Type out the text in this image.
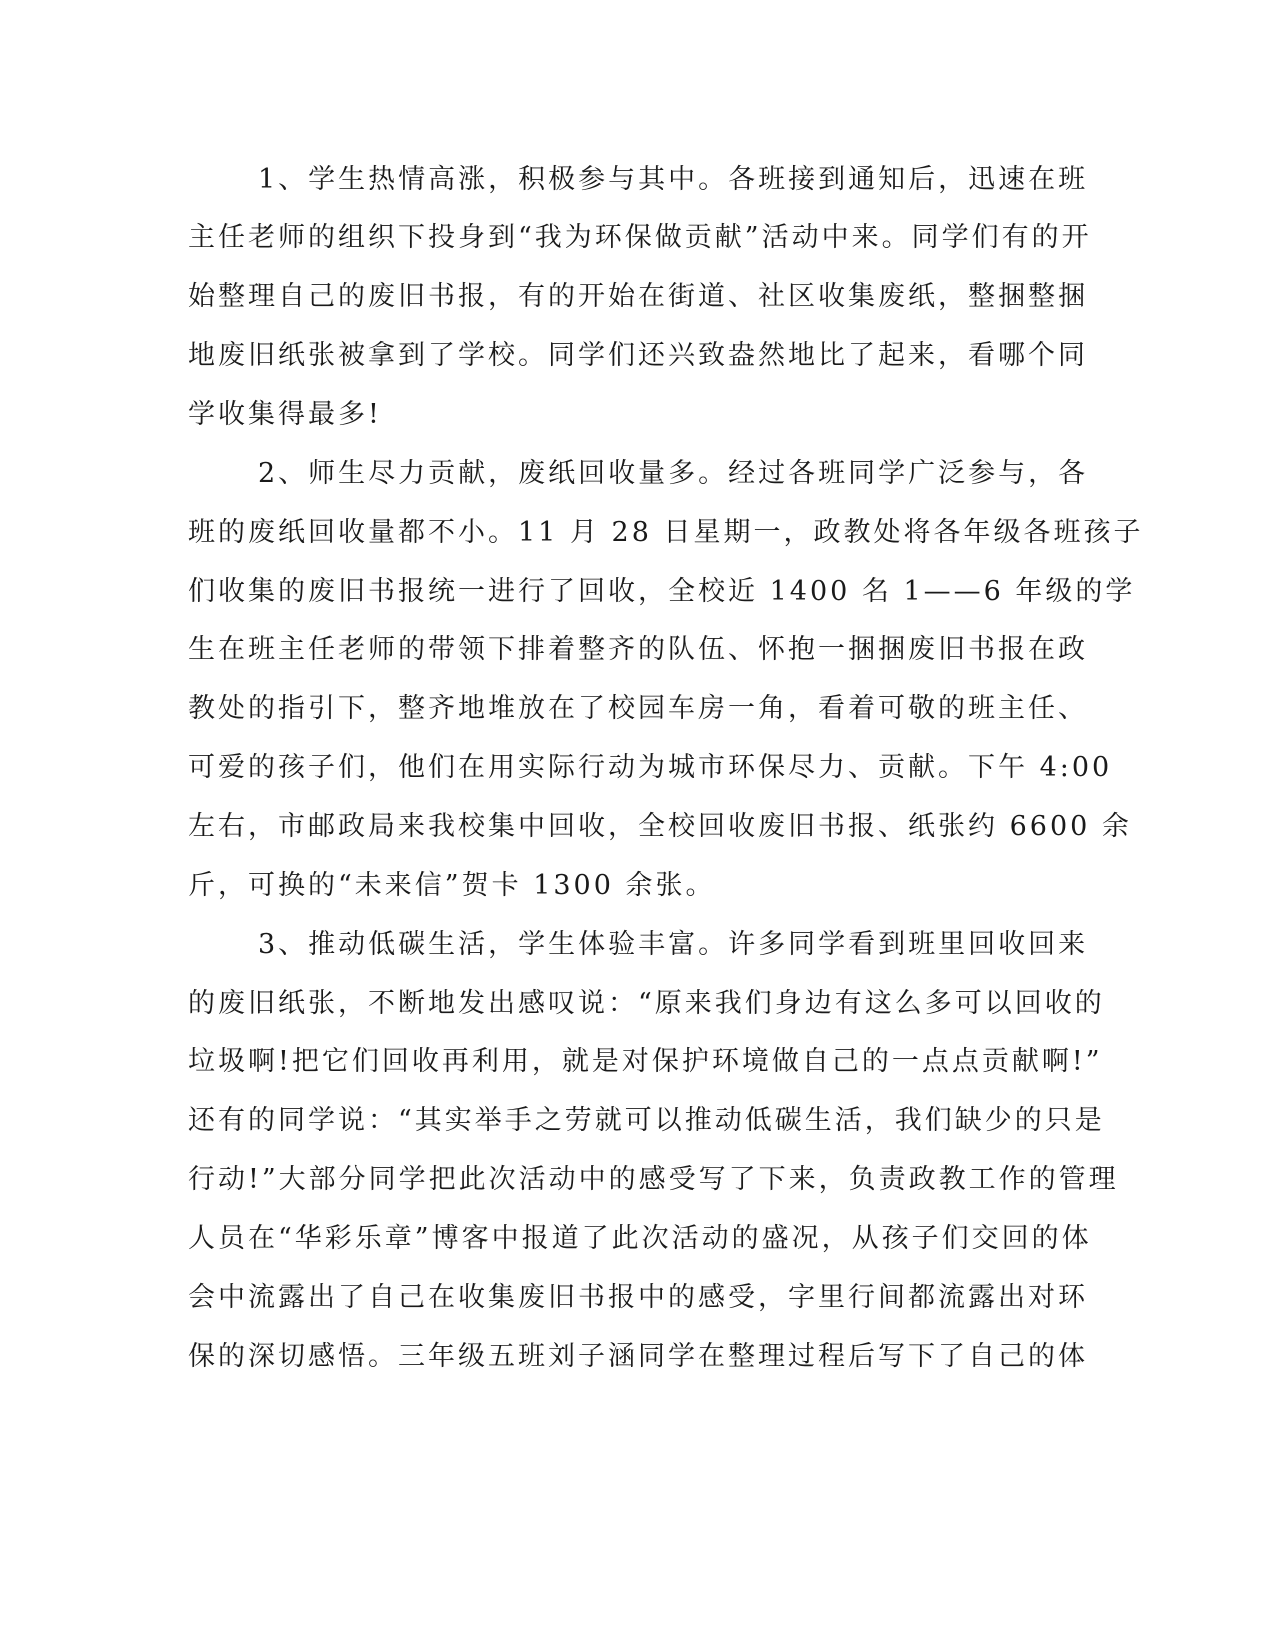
1、学生热情高涨，积极参与其中。各班接到通知后，迅速在班
主任老师的组织下投身到“我为环保做贡献”活动中来。同学们有的开
始整理自己的废旧书报，有的开始在街道、社区收集废纸，整捆整捆
地废旧纸张被拿到了学校。同学们还兴致盎然地比了起来，看哪个同
学收集得最多!
2、师生尽力贡献，废纸回收量多。经过各班同学广泛参与，各
班的废纸回收量都不小。11 月 28 日星期一，政教处将各年级各班孩子
们收集的废旧书报统一进行了回收，全校近 1400 名 1——6 年级的学
生在班主任老师的带领下排着整齐的队伍、怀抱一捆捆废旧书报在政
教处的指引下，整齐地堆放在了校园车房一角，看着可敬的班主任、
可爱的孩子们，他们在用实际行动为城市环保尽力、贡献。下午 4:00
左右，市邮政局来我校集中回收，全校回收废旧书报、纸张约 6600 余
斤，可换的“未来信”贺卡 1300 余张。
3、推动低碳生活，学生体验丰富。许多同学看到班里回收回来
的废旧纸张，不断地发出感叹说：“原来我们身边有这么多可以回收的
垃圾啊!把它们回收再利用，就是对保护环境做自己的一点点贡献啊!”
还有的同学说：“其实举手之劳就可以推动低碳生活，我们缺少的只是
行动!”大部分同学把此次活动中的感受写了下来，负责政教工作的管理
人员在“华彩乐章”博客中报道了此次活动的盛况，从孩子们交回的体
会中流露出了自己在收集废旧书报中的感受，字里行间都流露出对环
保的深切感悟。三年级五班刘子涵同学在整理过程后写下了自己的体
